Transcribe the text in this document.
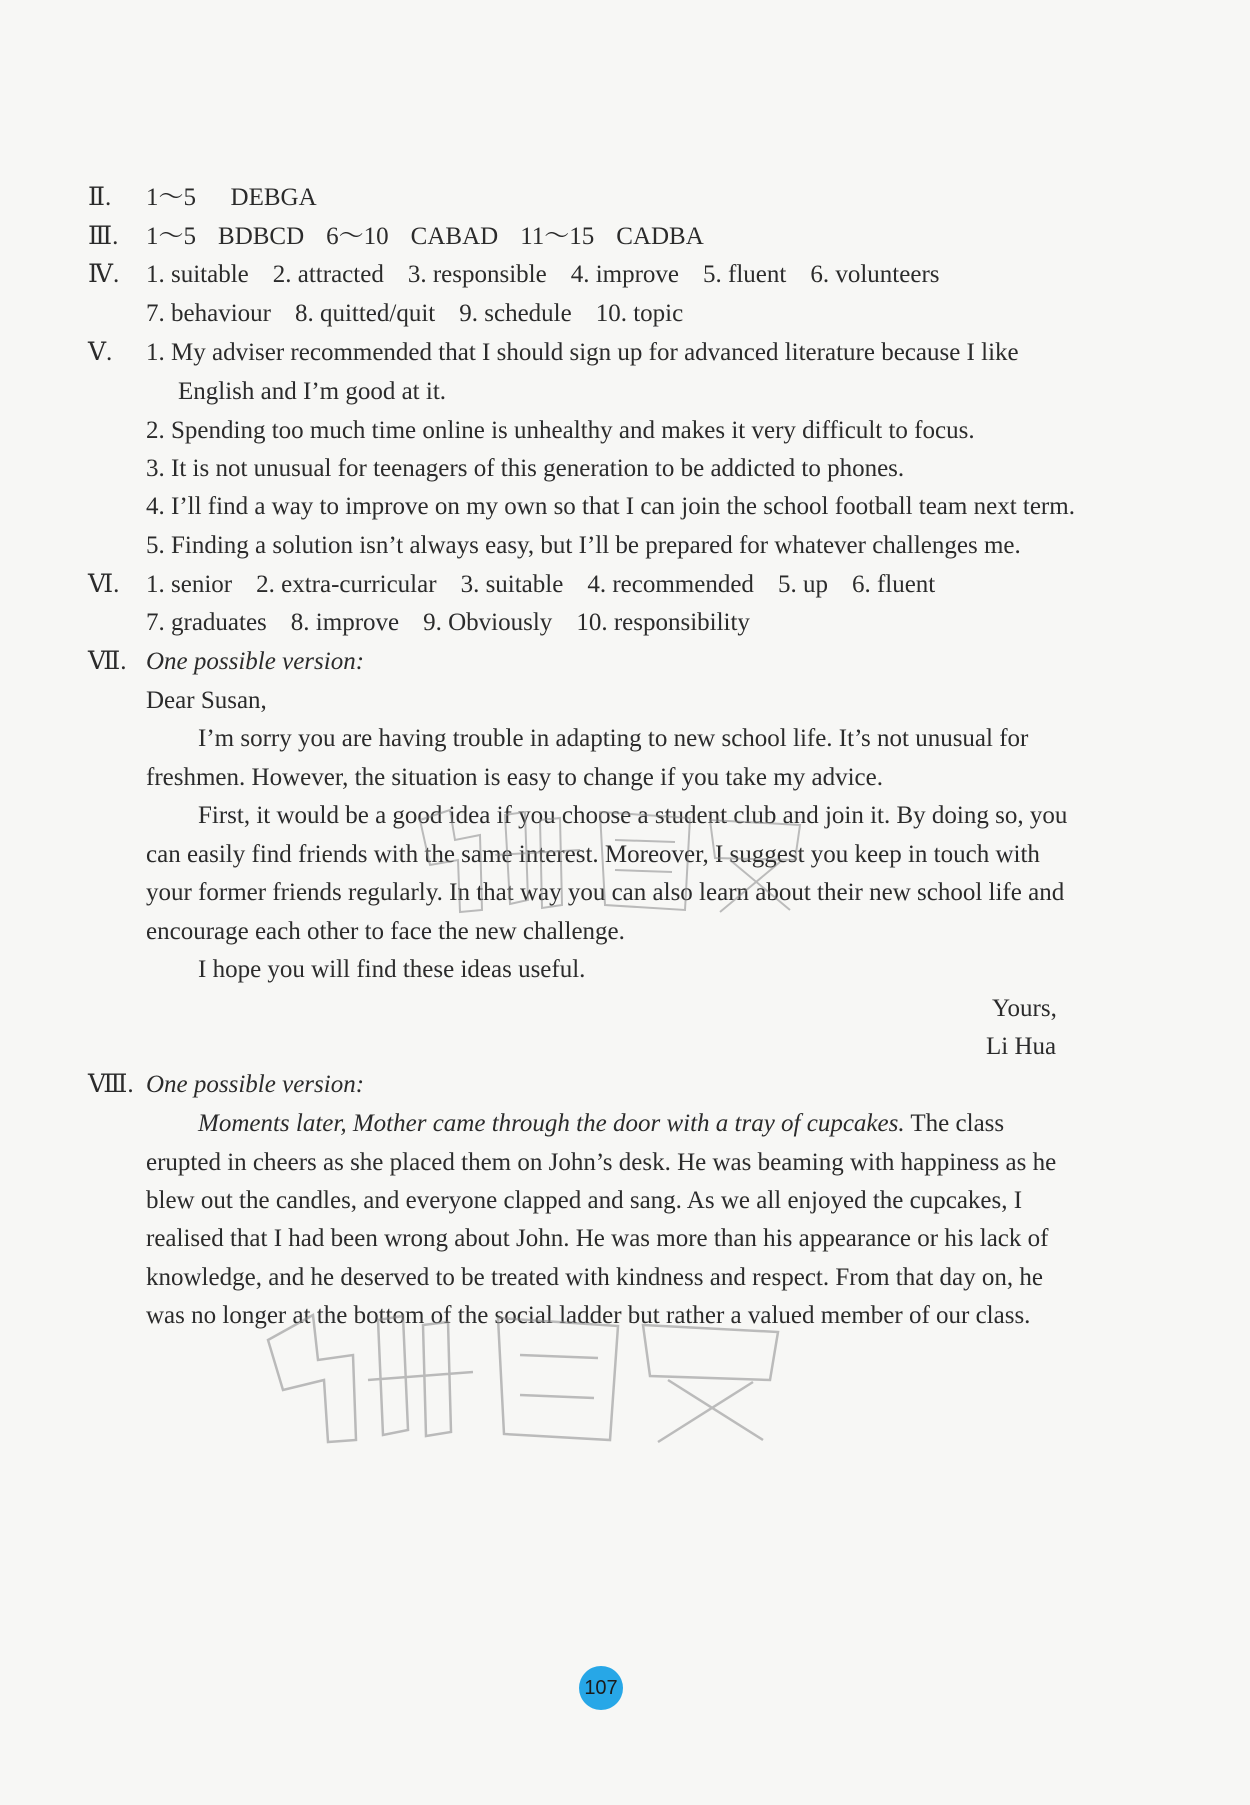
Ⅱ. 1～5 DEBGA
Ⅲ. 1～5 BDBCD 6～10 CABAD 11～15 CADBA
Ⅳ. 1. suitable 2. attracted 3. responsible 4. improve 5. fluent 6. volunteers
7. behaviour 8. quitted/quit 9. schedule 10. topic
Ⅴ. 1. My adviser recommended that I should sign up for advanced literature because I like
English and I’m good at it.
2. Spending too much time online is unhealthy and makes it very difficult to focus.
3. It is not unusual for teenagers of this generation to be addicted to phones.
4. I’ll find a way to improve on my own so that I can join the school football team next term.
5. Finding a solution isn’t always easy, but I’ll be prepared for whatever challenges me.
Ⅵ. 1. senior 2. extra-curricular 3. suitable 4. recommended 5. up 6. fluent
7. graduates 8. improve 9. Obviously 10. responsibility
Ⅶ. One possible version:
Dear Susan,
I’m sorry you are having trouble in adapting to new school life. It’s not unusual for
freshmen. However, the situation is easy to change if you take my advice.
First, it would be a good idea if you choose a student club and join it. By doing so, you
can easily find friends with the same interest. Moreover, I suggest you keep in touch with
your former friends regularly. In that way you can also learn about their new school life and
encourage each other to face the new challenge.
I hope you will find these ideas useful.
Yours,
Li Hua
Ⅷ. One possible version:
Moments later, Mother came through the door with a tray of cupcakes. The class
erupted in cheers as she placed them on John’s desk. He was beaming with happiness as he
blew out the candles, and everyone clapped and sang. As we all enjoyed the cupcakes, I
realised that I had been wrong about John. He was more than his appearance or his lack of
knowledge, and he deserved to be treated with kindness and respect. From that day on, he
was no longer at the bottom of the social ladder but rather a valued member of our class.
107
